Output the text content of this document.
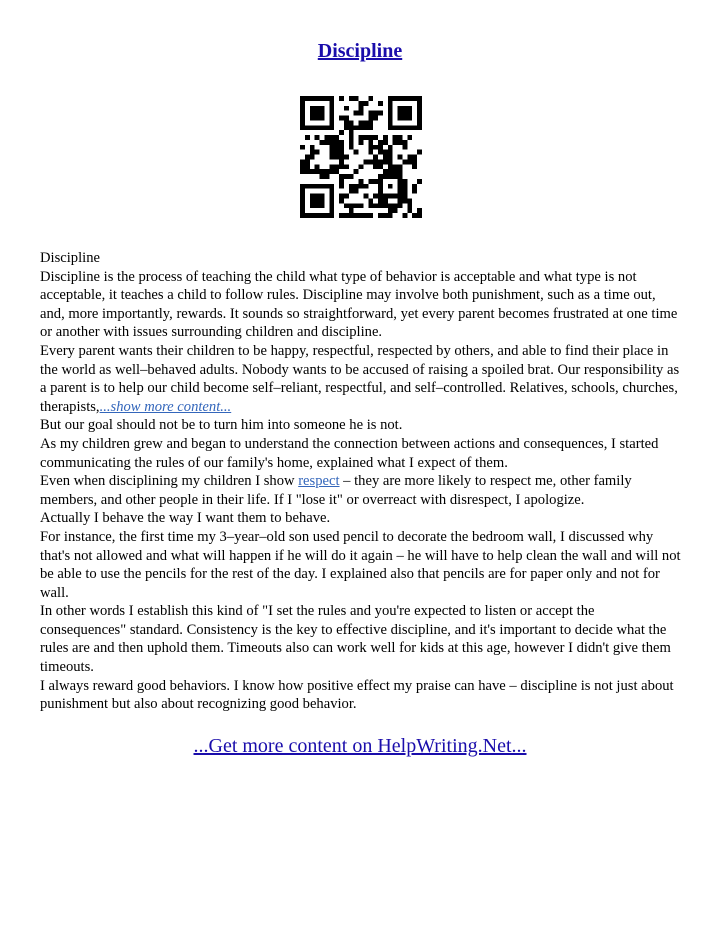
Discipline

Discipline

Discipline is the process of teaching the child what type of behavior is acceptable and what type is not acceptable, it teaches a child to follow rules. Discipline may involve both punishment, such as a time out, and, more importantly, rewards. It sounds so straightforward, yet every parent becomes frustrated at one time or another with issues surrounding children and discipline.

Every parent wants their children to be happy, respectful, respected by others, and able to find their place in the world as well–behaved adults. Nobody wants to be accused of raising a spoiled brat. Our responsibility as a parent is to help our child become self–reliant, respectful, and self–controlled. Relatives, schools, churches, therapists,...show more content...

But our goal should not be to turn him into someone he is not.

As my children grew and began to understand the connection between actions and consequences, I started communicating the rules of our family's home, explained what I expect of them.

Even when disciplining my children I show respect – they are more likely to respect me, other family members, and other people in their life. If I "lose it" or overreact with disrespect, I apologize.

Actually I behave the way I want them to behave.

For instance, the first time my 3–year–old son used pencil to decorate the bedroom wall, I discussed why that's not allowed and what will happen if he will do it again – he will have to help clean the wall and will not be able to use the pencils for the rest of the day. I explained also that pencils are for paper only and not for wall.

In other words I establish this kind of "I set the rules and you're expected to listen or accept the consequences" standard. Consistency is the key to effective discipline, and it's important to decide what the rules are and then uphold them. Timeouts also can work well for kids at this age, however I didn't give them timeouts.

I always reward good behaviors. I know how positive effect my praise can have – discipline is not just about punishment but also about recognizing good behavior.

...Get more content on HelpWriting.Net...
